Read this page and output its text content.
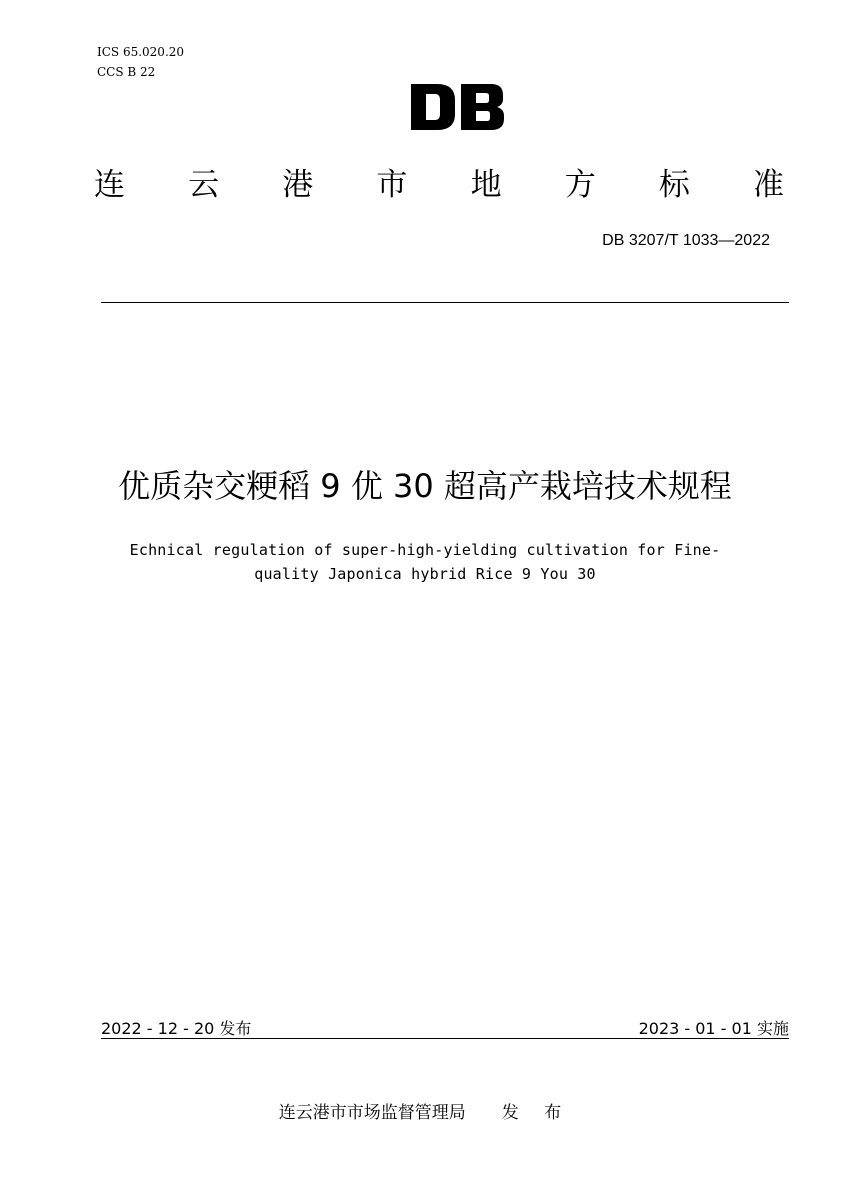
ICS 65.020.20
CCS B 22
连 云 港 市 地 方 标 准
DB 3207/T 1033—2022
优质杂交粳稻 9 优 30 超高产栽培技术规程
Echnical regulation of super-high-yielding cultivation for Fine-
quality Japonica hybrid Rice 9 You 30
2022 - 12 - 20 发布	2023 - 01 - 01 实施
连云港市市场监督管理局 发 布
